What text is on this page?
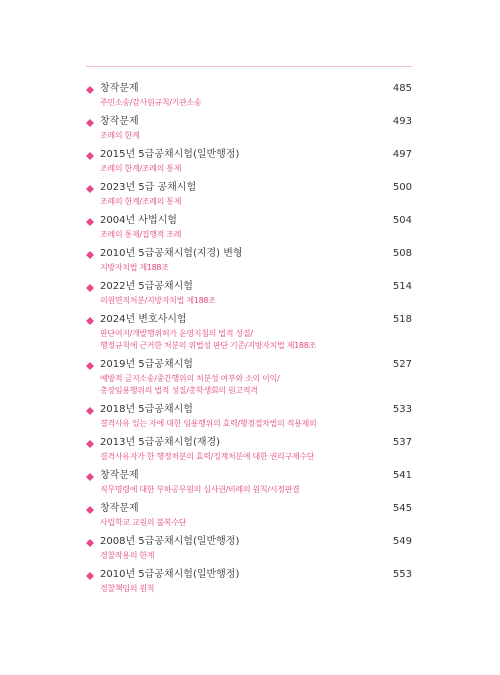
창작문제	485
주민소송/감사원규칙/기관소송
창작문제	493
조례의 한계
2015년 5급공채시험(일반행정)	497
조례의 한계/조례의 통제
2023년 5급 공채시험	500
조례의 한계/조례의 통제
2004년 사법시험	504
조례의 통제/집행적 조례
2010년 5급공채시험(지경) 변형	508
지방자치법 제188조
2022년 5급공채시험	514
의원면직처분/지방자치법 제188조
2024년 변호사시험	518
판단여지/개발행위허가 운영지침의 법적 성질/
행정규칙에 근거한 처분의 위법성 판단 기준/지방자치법 제188조
2019년 5급공채시험	527
예방적 금지소송/중간행위의 처분성 여부와 소익 이익/
총장임용행위의 법적 성질/총학생회의 원고적격
2018년 5급공채시험	533
결격사유 있는 자에 대한 임용행위의 효력/행정절차법의 적용제외
2013년 5급공채시험(재경)	537
결격사유자가 한 행정처분의 효력/징계처분에 대한 권리구제수단
창작문제	541
직무명령에 대한 부하공무원의 심사권/비례의 원칙/시정판결
창작문제	545
사립학교 교원의 불복수단
2008년 5급공채시험(일반행정)	549
경찰작용의 한계
2010년 5급공채시험(일반행정)	553
경찰책임의 원칙
